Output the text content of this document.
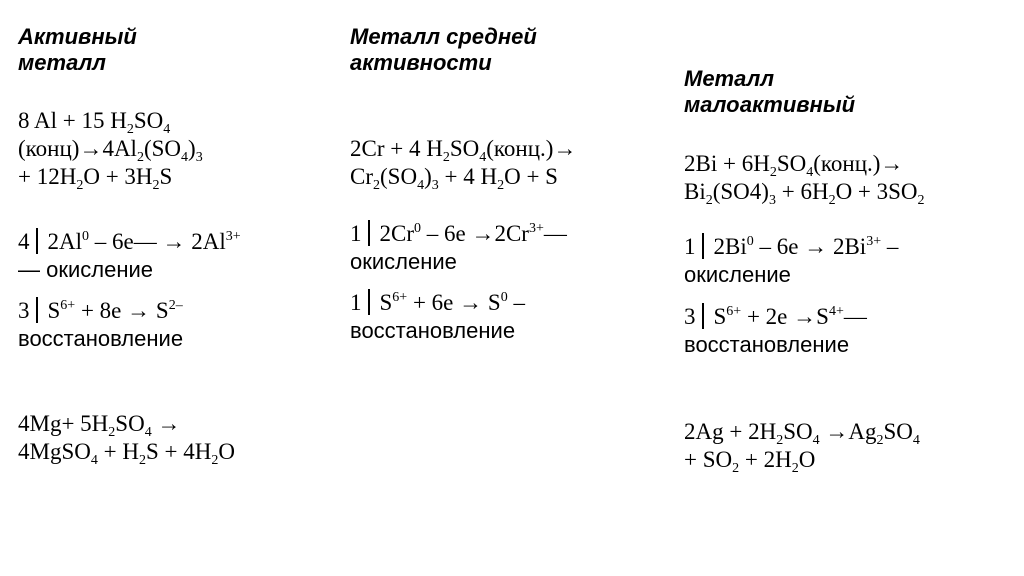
Активный металл
8 Al + 15 $H_2SO_4$
$(конц)\to 4Al_2(SO_4)_3$
+ $12H_2O + 3H_2S$
4 2Al$^0$ – 6e— → $2Al^{3+}$
— окисление
3 $S^{6+} + 8e \to S^{2-}$
восстановление
$4Mg+ 5H_2SO_4$ →
4MgSO$_4$ + $H_2S + 4H_2O$
Металл средней активности
2Cr + 4 $H_2SO_4(конц.)\to$
$Cr_2(SO_4)_3 + 4$ $H_2O + S$
1 $2Cr^0 - 6e \to 2Cr^{3+}—$
окисление
1 $S^{6+} + 6e \to S^0$ –
восстановление
Металл малоактивный
$2Bi + 6H_2SO_4(конц.)\to$
$Bi_2(SO4)_3 + 6H_2O + 3SO_2$
1 $2Bi^0 - 6e \to 2Bi^{3+}$ –
окисление
3 $S^{6+} + 2e$ $\to S^{4+}—$
восстановление
$2Ag + 2H_2SO_4 \to Ag_2SO_4$
+ $SO_2 + 2H_2O$
